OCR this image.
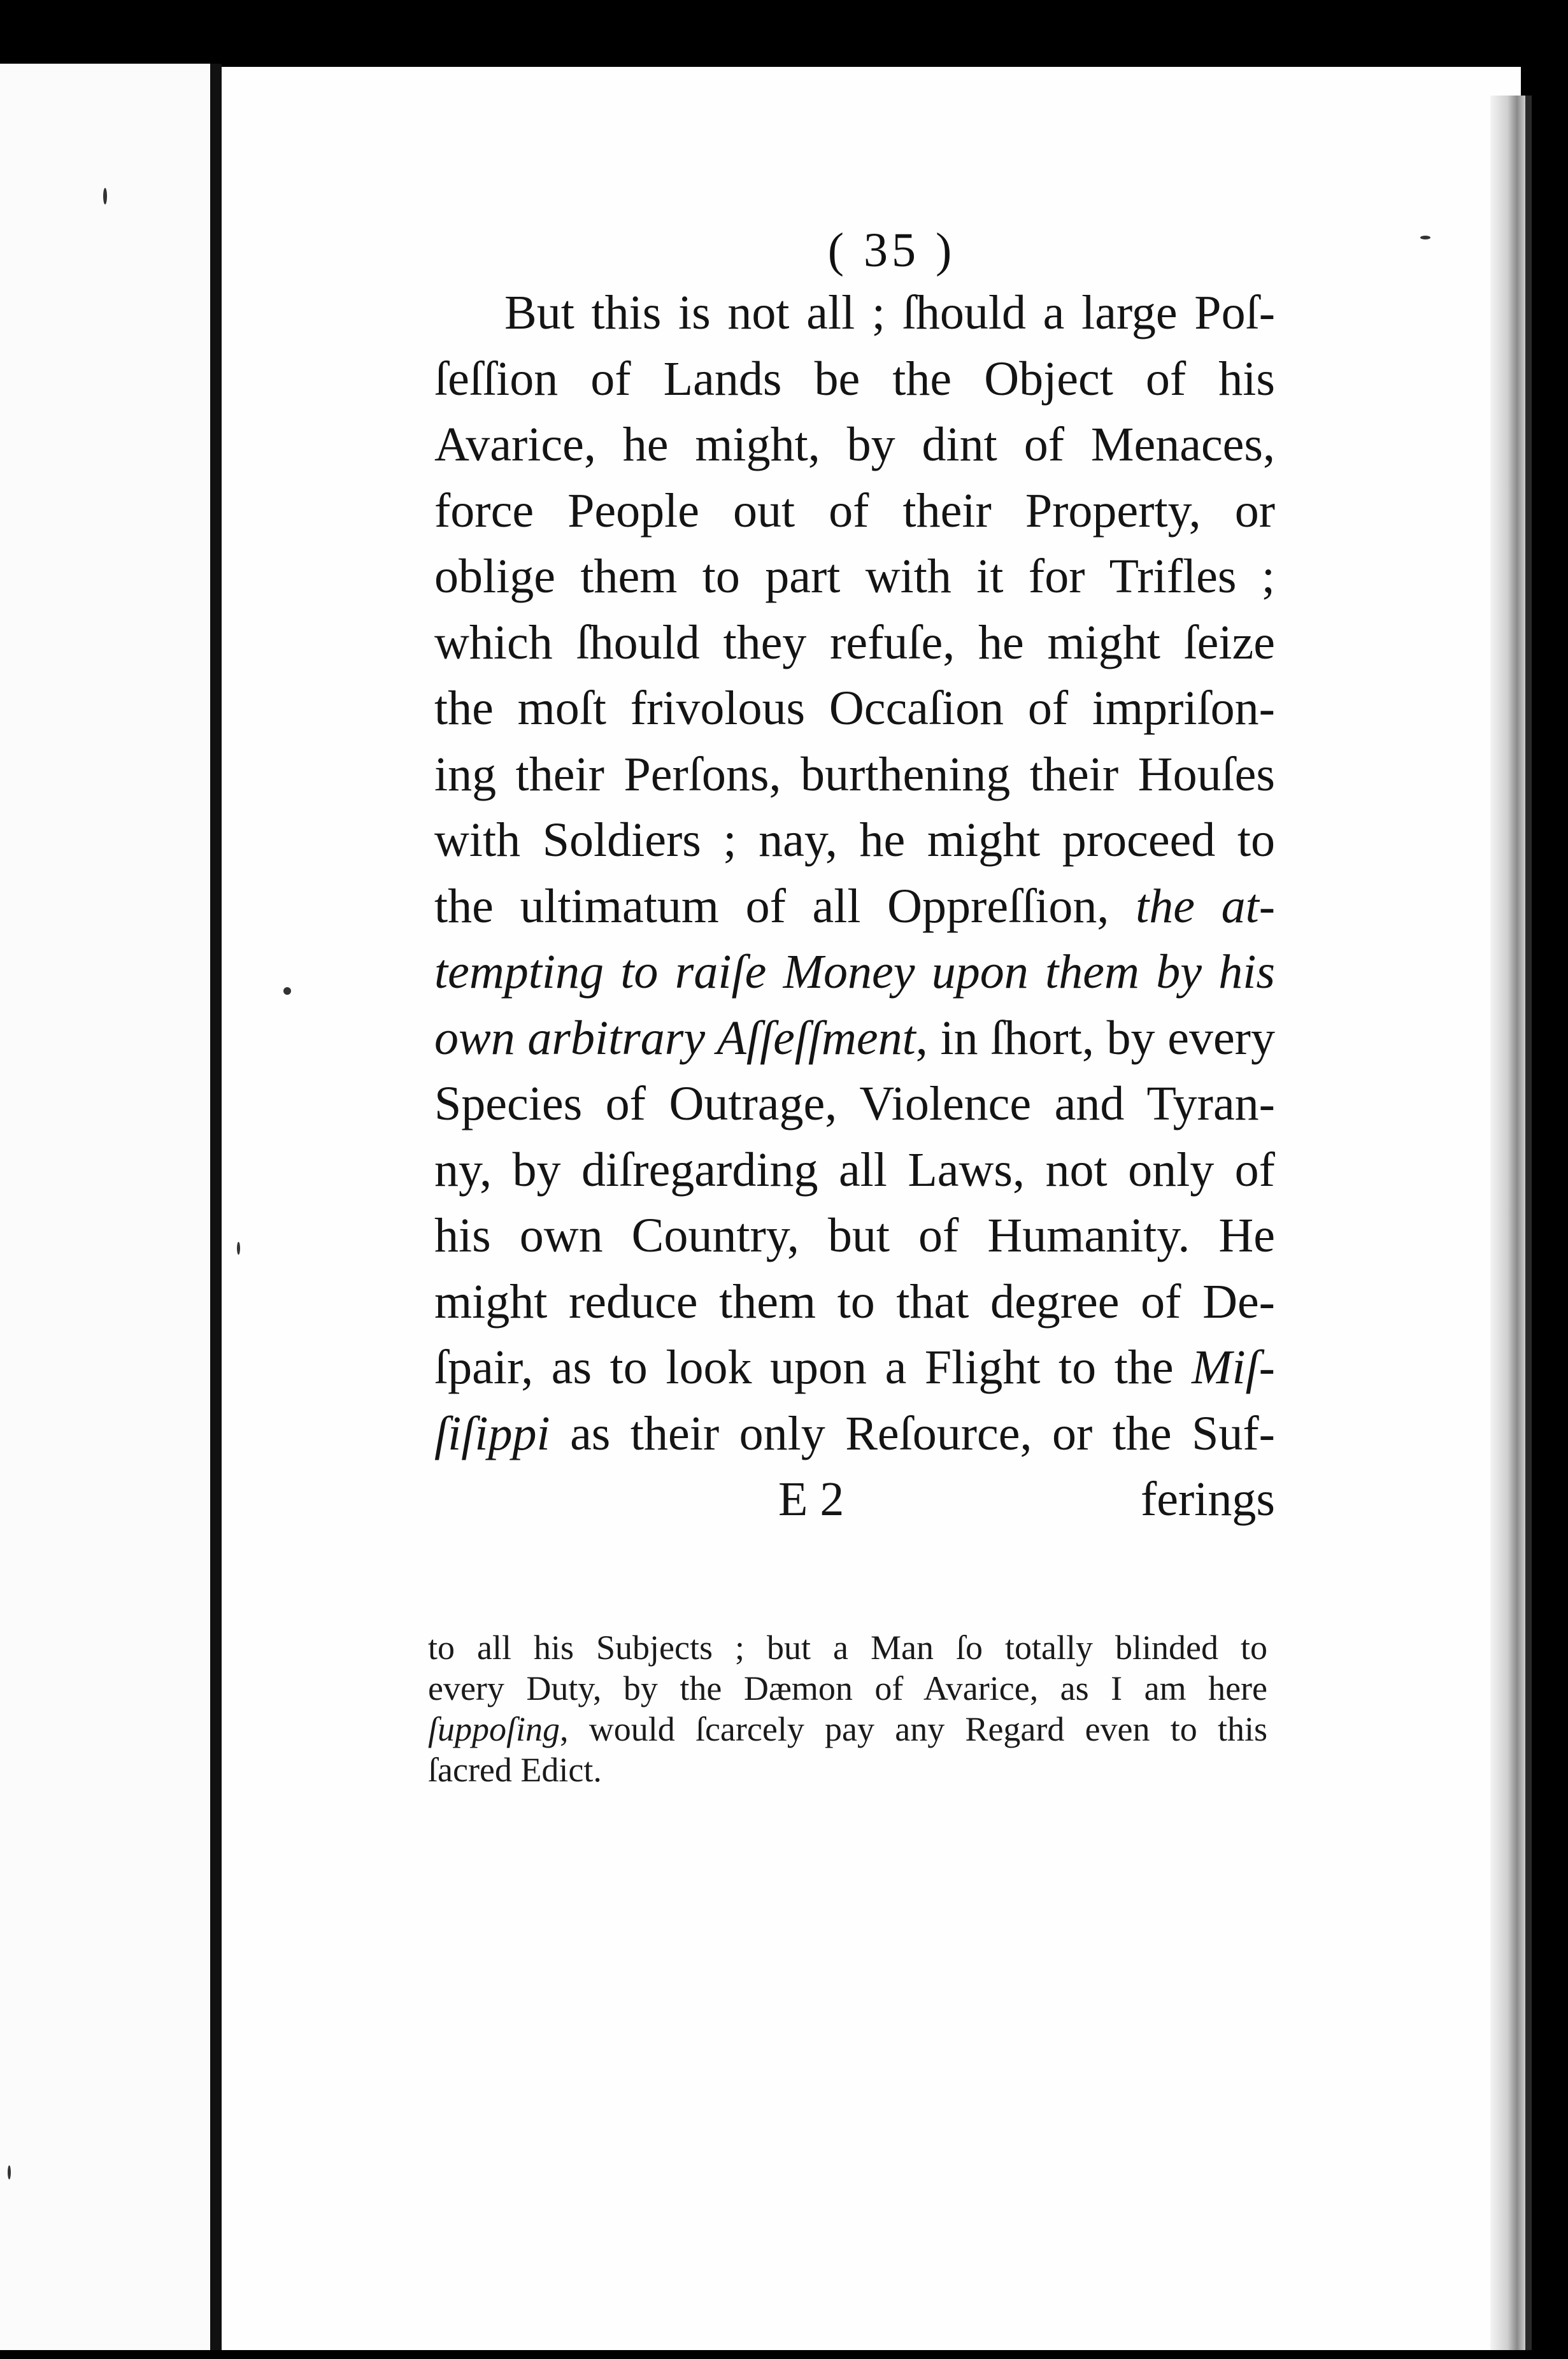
( 35 )

But this is not all ; ſhould a large Poſ-
ſeſſion of Lands be the Object of his
Avarice, he might, by dint of Menaces,
force People out of their Property, or
oblige them to part with it for Trifles ;
which ſhould they refuſe, he might ſeize
the moſt frivolous Occaſion of impriſon-
ing their Perſons, burthening their Houſes
with Soldiers ; nay, he might proceed to
the ultimatum of all Oppreſſion, the at-
tempting to raiſe Money upon them by his
own arbitrary Aſſeſſment, in ſhort, by every
Species of Outrage, Violence and Tyran-
ny, by diſregarding all Laws, not only of
his own Country, but of Humanity. He
might reduce them to that degree of De-
ſpair, as to look upon a Flight to the Miſ-
ſiſippi as their only Reſource, or the Suf-
E 2	ferings
to all his Subjects ; but a Man ſo totally blinded to
every Duty, by the Dæmon of Avarice, as I am here
ſuppoſing, would ſcarcely pay any Regard even to this
ſacred Edict.
